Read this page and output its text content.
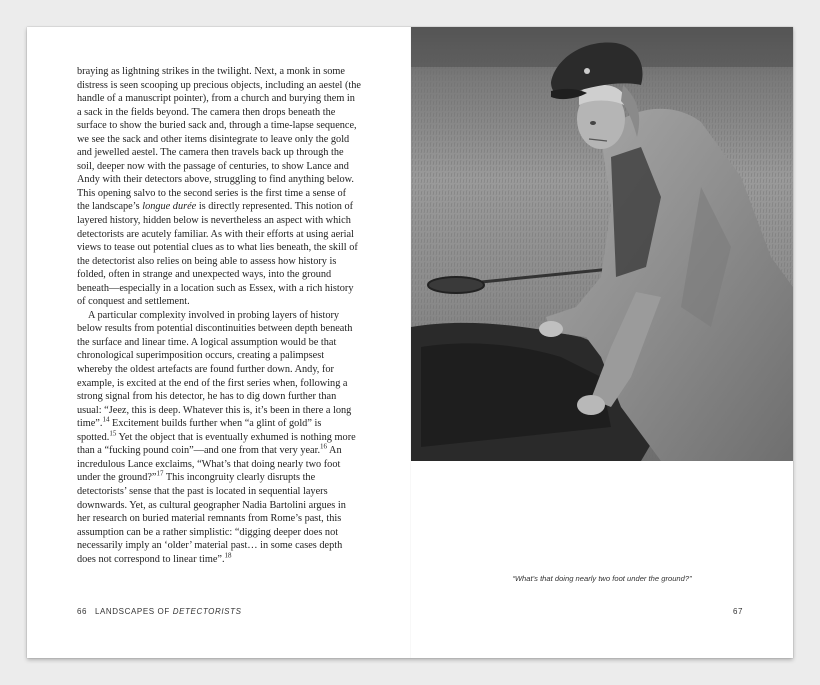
braying as lightning strikes in the twilight. Next, a monk in some distress is seen scooping up precious objects, including an aestel (the handle of a manuscript pointer), from a church and burying them in a sack in the fields beyond. The camera then drops beneath the surface to show the buried sack and, through a time-lapse sequence, we see the sack and other items disintegrate to leave only the gold and jewelled aestel. The camera then travels back up through the soil, deeper now with the passage of centuries, to show Lance and Andy with their detectors above, struggling to find anything below. This opening salvo to the second series is the first time a sense of the landscape’s longue durée is directly represented. This notion of layered history, hidden below is nevertheless an aspect with which detectorists are acutely familiar. As with their efforts at using aerial views to tease out potential clues as to what lies beneath, the skill of the detectorist also relies on being able to assess how history is folded, often in strange and unexpected ways, into the ground beneath—especially in a location such as Essex, with a rich history of conquest and settlement.

A particular complexity involved in probing layers of history below results from potential discontinuities between depth beneath the surface and linear time. A logical assumption would be that chronological superimposition occurs, creating a palimpsest whereby the oldest artefacts are found further down. Andy, for example, is excited at the end of the first series when, following a strong signal from his detector, he has to dig down further than usual: “Jeez, this is deep. Whatever this is, it’s been in there a long time”.$^{14}$ Excitement builds further when “a glint of gold” is spotted.$^{15}$ Yet the object that is eventually exhumed is nothing more than a “fucking pound coin”—and one from that very year.$^{16}$ An incredulous Lance exclaims, “What’s that doing nearly two foot under the ground?”$^{17}$ This incongruity clearly disrupts the detectorists’ sense that the past is located in sequential layers downwards. Yet, as cultural geographer Nadia Bartolini argues in her research on buried material remnants from Rome’s past, this assumption can be a rather simplistic: “digging deeper does not necessarily imply an ‘older’ material past… in some cases depth does not correspond to linear time”.$^{18}$

66 LANDSCAPES OF DETECTORISTS
“What’s that doing nearly two foot under the ground?”
67
